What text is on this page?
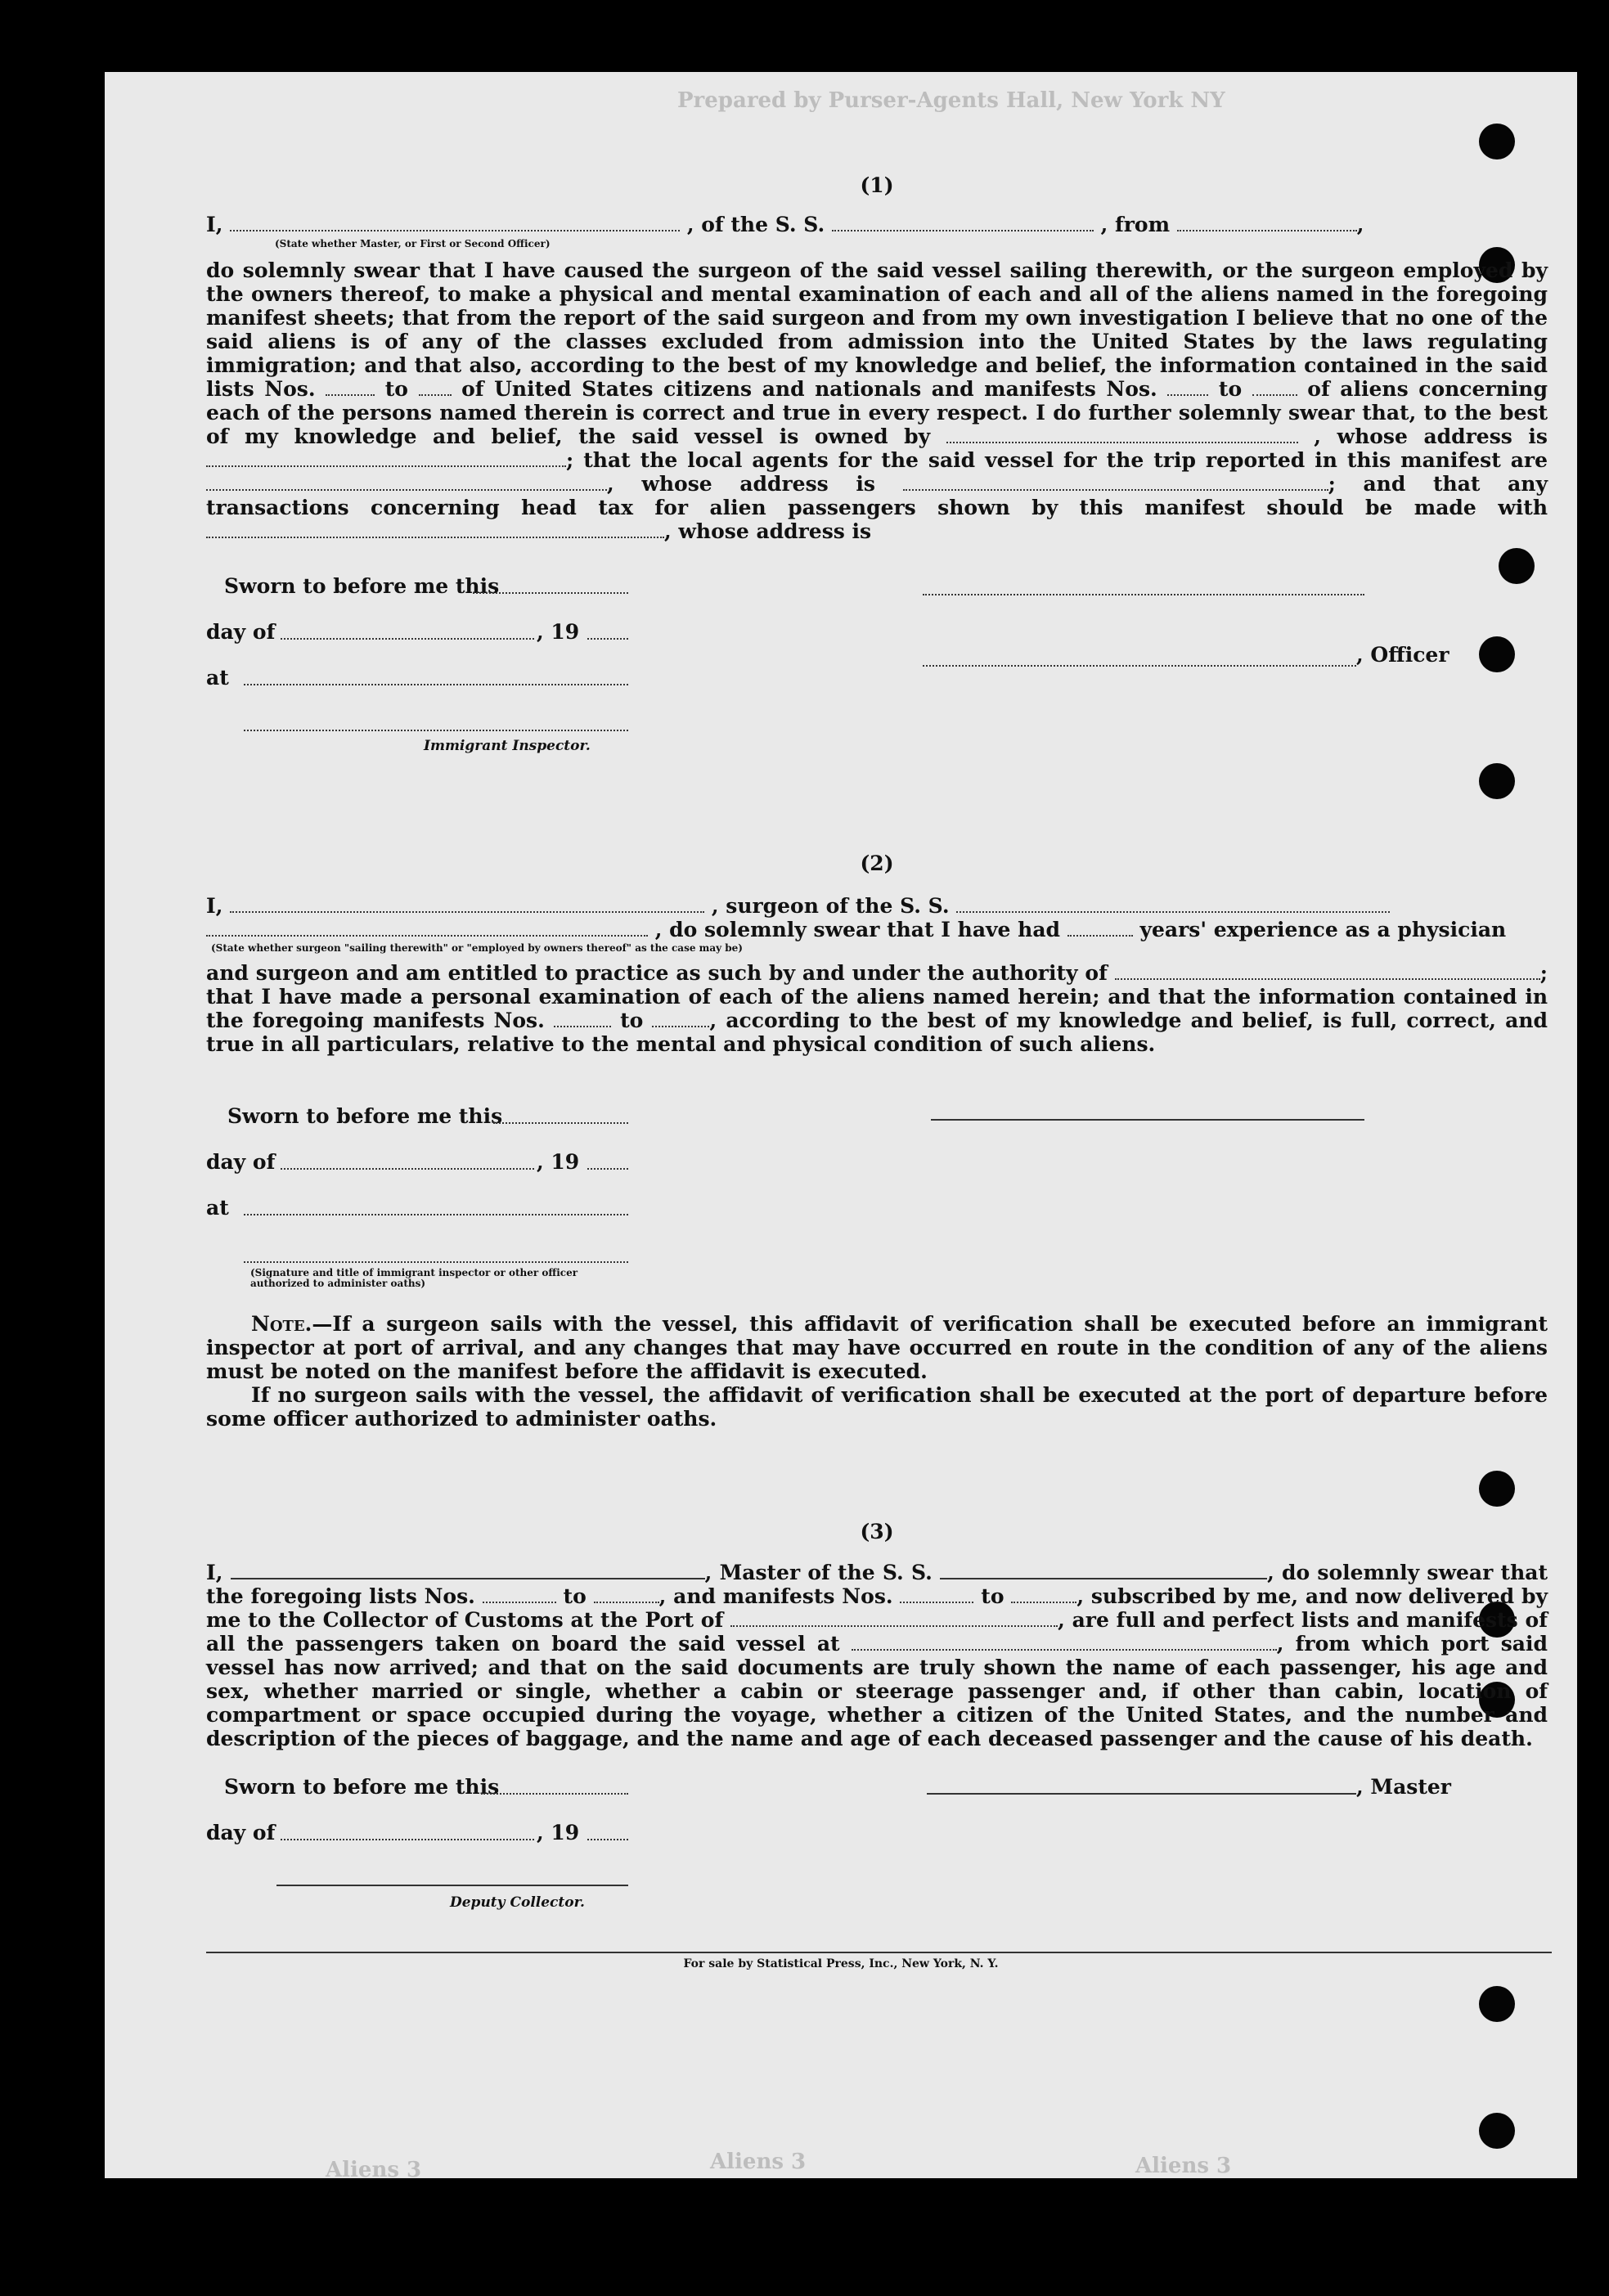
Prepared by Purser-Agents Hall, New York NY
Aliens 3	Aliens 3	Aliens 3
(1)
I,	, of the S. S.	, from	,
(State whether Master, or First or Second Officer)

do solemnly swear that I have caused the surgeon of the said vessel sailing therewith, or the surgeon employed by the owners thereof, to make a physical and mental examination of each and all of the aliens named in the foregoing manifest sheets; that from the report of the said surgeon and from my own investigation I believe that no one of the said aliens is of any of the classes excluded from admission into the United States by the laws regulating immigration; and that also, according to the best of my knowledge and belief, the information contained in the said lists Nos.	to	of United States citizens and nationals and manifests Nos.	to	of aliens concerning each of the persons named therein is correct and true in every respect. I do further solemnly swear that, to the best of my knowledge and belief, the said vessel is owned by	, whose address is ; that the local agents for the said vessel for the trip reported in this manifest are , whose address is	; and that any transactions concerning head tax for alien passengers shown by this manifest should be made with , whose address is

Sworn to before me this
day of	, 19
at
Immigrant Inspector.
, Officer
(2)
I,	, surgeon of the S. S.
, do solemnly swear that I have had	years' experience as a physician
(State whether surgeon "sailing therewith" or "employed by owners thereof" as the case may be)

and surgeon and am entitled to practice as such by and under the authority of	; that I have made a personal examination of each of the aliens named herein; and that the information contained in the foregoing manifests Nos.	to	, according to the best of my knowledge and belief, is full, correct, and true in all particulars, relative to the mental and physical condition of such aliens.

Sworn to before me this
day of	, 19
at
(Signature and title of immigrant inspector or other officer authorized to administer oaths)

Note.—If a surgeon sails with the vessel, this affidavit of verification shall be executed before an immigrant inspector at port of arrival, and any changes that may have occurred en route in the condition of any of the aliens must be noted on the manifest before the affidavit is executed.

If no surgeon sails with the vessel, the affidavit of verification shall be executed at the port of departure before some officer authorized to administer oaths.

(3)

I,	, Master of the S. S.	, do solemnly swear that the foregoing lists Nos.	to	, and manifests Nos.	to	, subscribed by me, and now delivered by me to the Collector of Customs at the Port of	, are full and perfect lists and manifests of all the passengers taken on board the said vessel at	, from which port said vessel has now arrived; and that on the said documents are truly shown the name of each passenger, his age and sex, whether married or single, whether a cabin or steerage passenger and, if other than cabin, location of compartment or space occupied during the voyage, whether a citizen of the United States, and the number and description of the pieces of baggage, and the name and age of each deceased passenger and the cause of his death.

Sworn to before me this	, Master
day of	, 19
Deputy Collector.
For sale by Statistical Press, Inc., New York, N. Y.
